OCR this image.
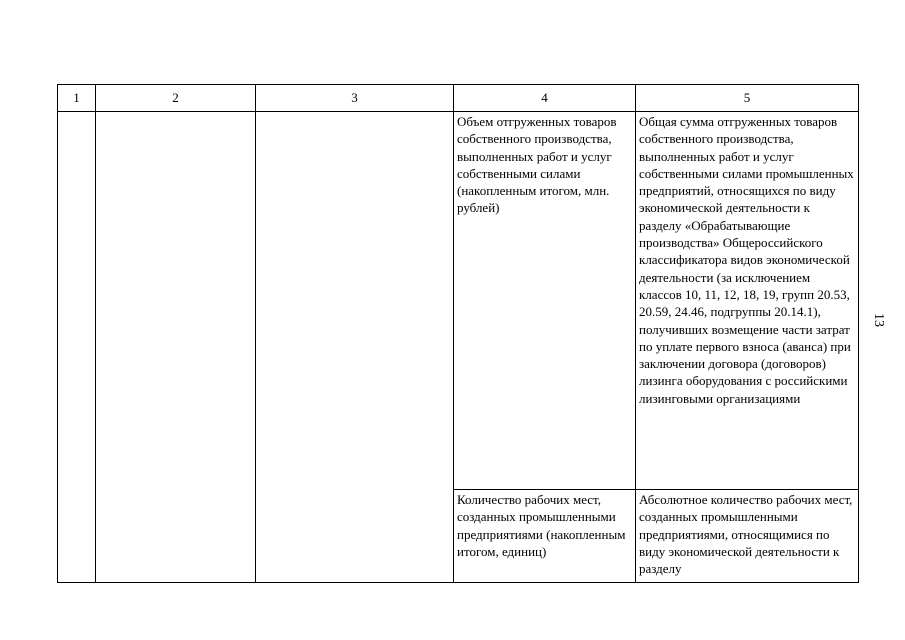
1	2	3	4	5
			Объем отгруженных товаров собственного производства, выполненных работ и услуг собственными силами (накопленным итогом, млн. рублей)	Общая сумма отгруженных товаров собственного производства, выполненных работ и услуг собственными силами промышленных предприятий, относящихся по виду экономической деятельности к разделу «Обрабатывающие производства» Общероссийского классификатора видов экономической деятельности (за исключением классов 10, 11, 12, 18, 19, групп 20.53, 20.59, 24.46, подгруппы 20.14.1), получивших возмещение части затрат по уплате первого взноса (аванса) при заключении договора (договоров) лизинга оборудования с российскими лизинговыми организациями
			Количество рабочих мест, созданных промышленными предприятиями (накопленным итогом, единиц)	Абсолютное количество рабочих мест, созданных промышленными предприятиями, относящимися по виду экономической деятельности к разделу
13
